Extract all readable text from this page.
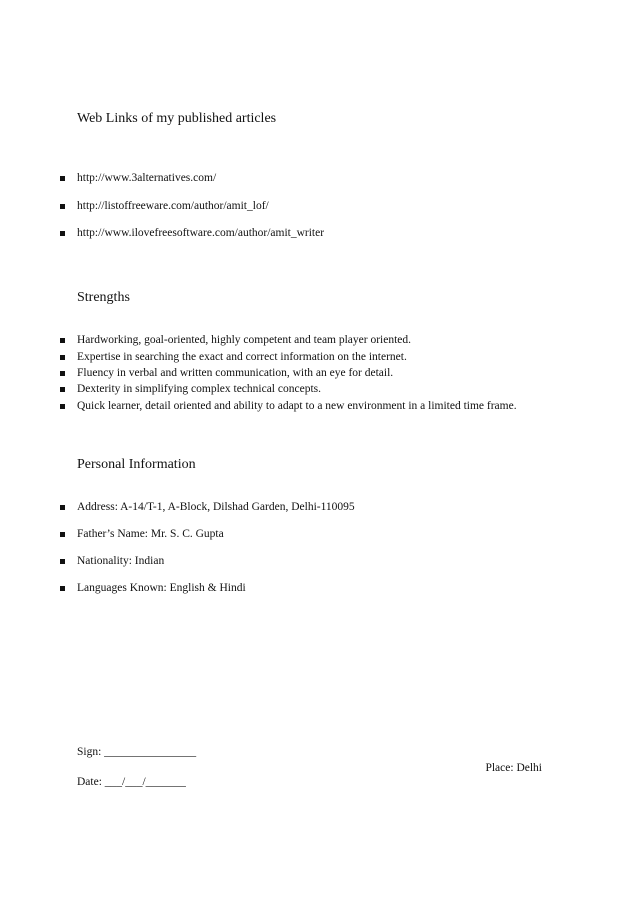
Web Links of my published articles
http://www.3alternatives.com/
http://listoffreeware.com/author/amit_lof/
http://www.ilovefreesoftware.com/author/amit_writer
Strengths
Hardworking, goal-oriented, highly competent and team player oriented.
Expertise in searching the exact and correct information on the internet.
Fluency in verbal and written communication, with an eye for detail.
Dexterity in simplifying complex technical concepts.
Quick learner, detail oriented and ability to adapt to a new environment in a limited time frame.
Personal Information
Address: A-14/T-1, A-Block, Dilshad Garden, Delhi-110095
Father’s Name: Mr. S. C. Gupta
Nationality: Indian
Languages Known: English & Hindi
Sign: ________________
Place: Delhi
Date: ___/___/_______
